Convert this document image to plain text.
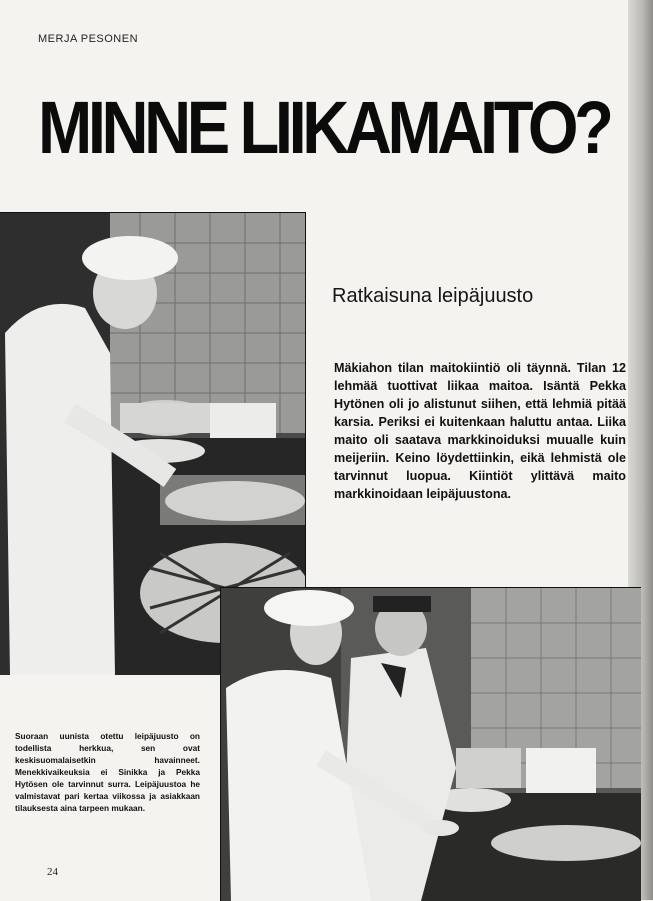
MERJA PESONEN
MINNE LIIKAMAITO?
Ratkaisuna leipäjuusto
Mäkiahon tilan maitokiintiö oli täynnä. Tilan 12 lehmää tuottivat liikaa maitoa. Isäntä Pekka Hytönen oli jo alistunut siihen, että lehmiä pitää karsia. Periksi ei kuitenkaan haluttu antaa. Liika maito oli saatava markkinoiduksi muualle kuin meijeriin. Keino löydettiinkin, eikä lehmistä ole tarvinnut luopua. Kiintiöt ylittävä maito markkinoidaan leipäjuustona.
Suoraan uunista otettu leipäjuusto on todellista herkkua, sen ovat keskisuomalaisetkin havainneet. Menekkivaikeuksia ei Sinikka ja Pekka Hytösen ole tarvinnut surra. Leipäjuustoa he valmistavat pari kertaa viikossa ja asiakkaan tilauksesta aina tarpeen mukaan.
24
